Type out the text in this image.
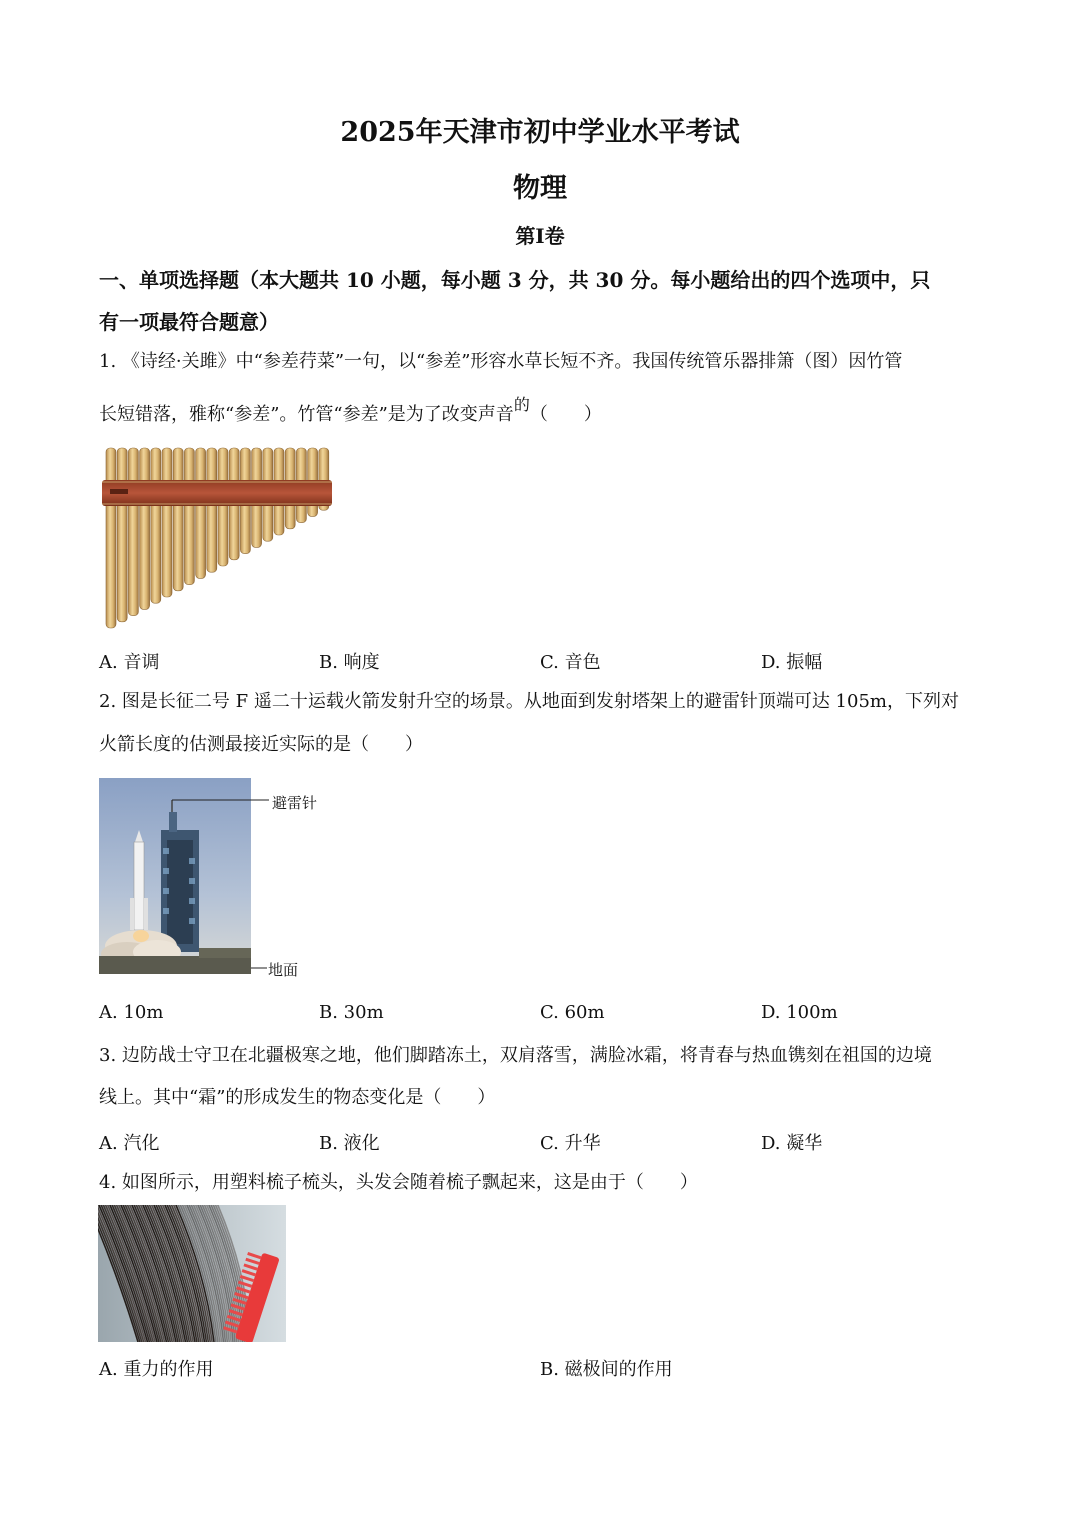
2025年天津市初中学业水平考试
物理
第Ⅰ卷
一、单项选择题（本大题共 10 小题，每小题 3 分，共 30 分。每小题给出的四个选项中，只
有一项最符合题意）
1. 《诗经·关雎》中“参差荇菜”一句，以“参差”形容水草长短不齐。我国传统管乐器排箫（图）因竹管
长短错落，雅称“参差”。竹管“参差”是为了改变声音的（　　）
A. 音调	B. 响度	C. 音色	D. 振幅
2. 图是长征二号 F 遥二十运载火箭发射升空的场景。从地面到发射塔架上的避雷针顶端可达 105m，下列对
火箭长度的估测最接近实际的是（　　）
避雷针
地面
A. 10m	B. 30m	C. 60m	D. 100m
3. 边防战士守卫在北疆极寒之地，他们脚踏冻土，双肩落雪，满脸冰霜，将青春与热血镌刻在祖国的边境
线上。其中“霜”的形成发生的物态变化是（　　）
A. 汽化	B. 液化	C. 升华	D. 凝华
4. 如图所示，用塑料梳子梳头，头发会随着梳子飘起来，这是由于（　　）
A. 重力的作用	B. 磁极间的作用
